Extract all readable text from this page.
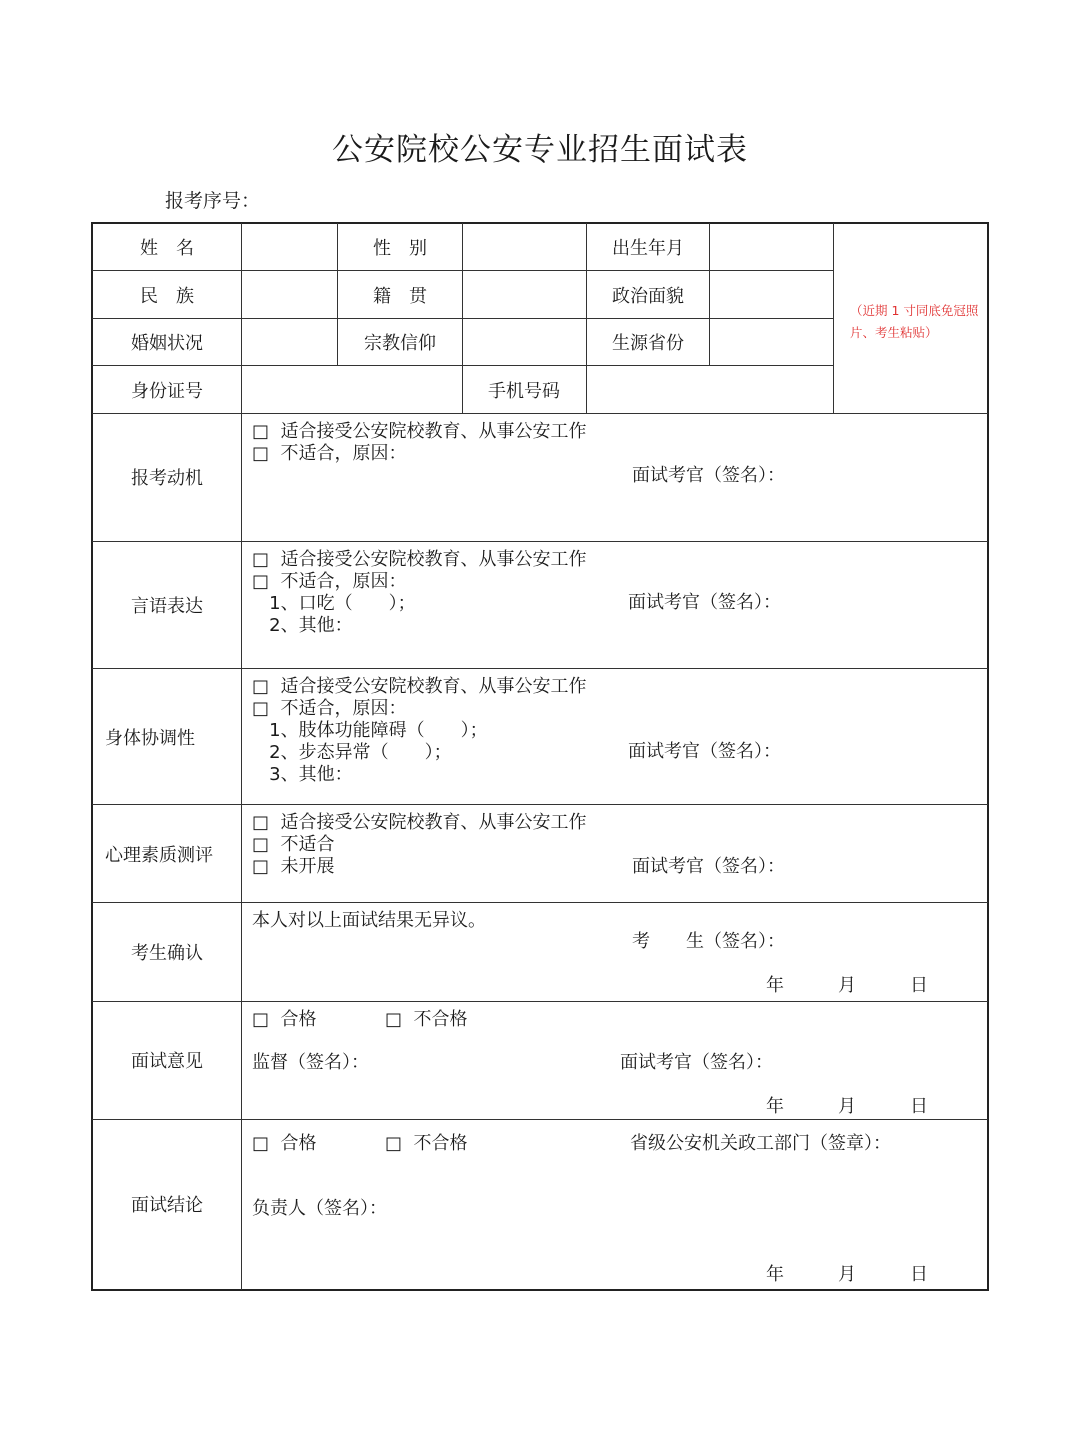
公安院校公安专业招生面试表
报考序号：
姓　名	性　别	出生年月
民　族	籍　贯	政治面貌
婚姻状况	宗教信仰	生源省份
身份证号	手机号码
（近期 1 寸同底免冠照片、考生粘贴）
报考动机
□  适合接受公安院校教育、从事公安工作
□  不适合，原因：
面试考官（签名）：
言语表达
□  适合接受公安院校教育、从事公安工作
□  不适合，原因：
1、口吃（　　）；
2、其他：
面试考官（签名）：
身体协调性
□  适合接受公安院校教育、从事公安工作
□  不适合，原因：
1、肢体功能障碍（　　）；
2、步态异常（　　）；
3、其他：
面试考官（签名）：
心理素质测评
□  适合接受公安院校教育、从事公安工作
□  不适合
□  未开展	面试考官（签名）：
考生确认
本人对以上面试结果无异议。
考　　生（签名）：
年　　　月　　　日
面试意见
□  合格	□  不合格
监督（签名）：	面试考官（签名）：
年　　　月　　　日
面试结论
□  合格	□  不合格	省级公安机关政工部门（签章）：
负责人（签名）：
年　　　月　　　日
